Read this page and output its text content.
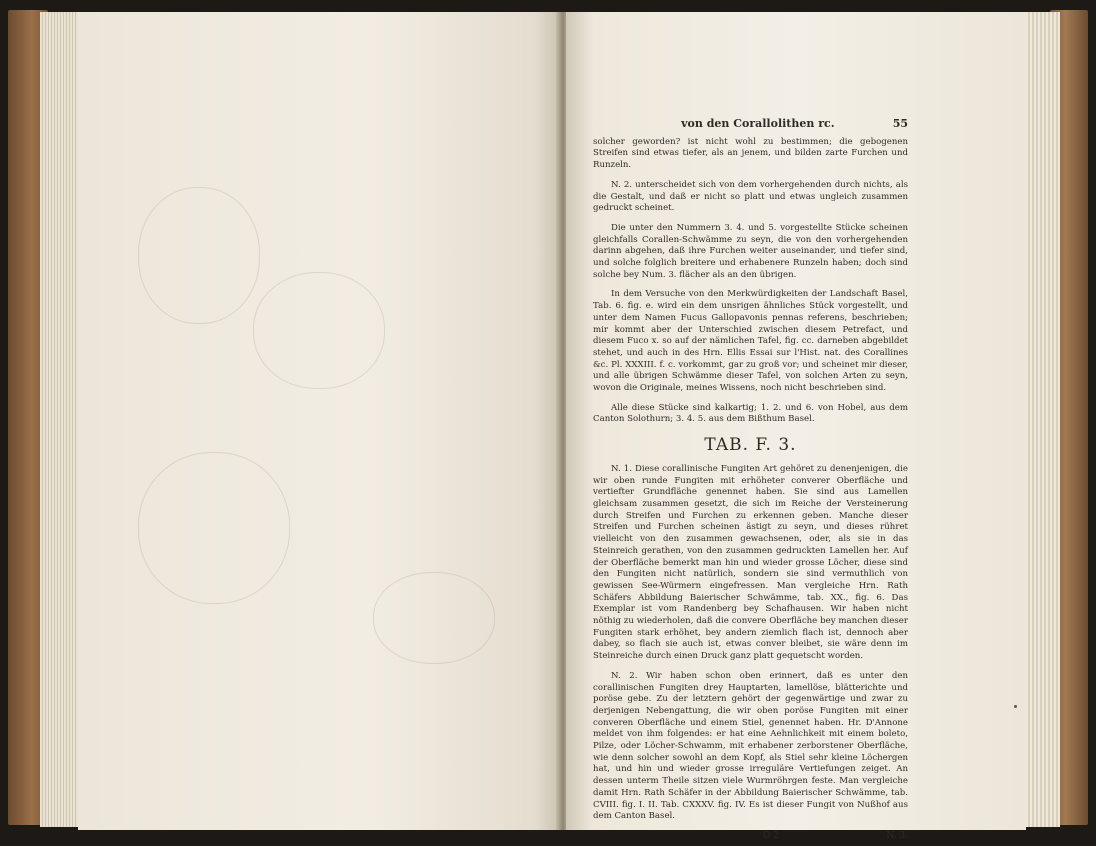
von den Corallolithen rc.	55

solcher geworden? ist nicht wohl zu bestimmen; die gebogenen Streifen sind etwas tiefer, als an jenem, und bilden zarte Furchen und Runzeln.

N. 2. unterscheidet sich von dem vorhergehenden durch nichts, als die Gestalt, und daß er nicht so platt und etwas ungleich zusammen gedruckt scheinet.

Die unter den Nummern 3. 4. und 5. vorgestellte Stücke scheinen gleichfalls Corallen-Schwämme zu seyn, die von den vorhergehenden darinn abgehen, daß ihre Furchen weiter auseinander, und tiefer sind, und solche folglich breitere und erhabenere Runzeln haben; doch sind solche bey Num. 3. flächer als an den übrigen.

In dem Versuche von den Merkwürdigkeiten der Landschaft Basel, Tab. 6. fig. e. wird ein dem unsrigen ähnliches Stück vorgestellt, und unter dem Namen Fucus Gallopavonis pennas referens, beschrieben; mir kommt aber der Unterschied zwischen diesem Petrefact, und diesem Fuco x. so auf der nämlichen Tafel, fig. cc. darneben abgebildet stehet, und auch in des Hrn. Ellis Essai sur l'Hist. nat. des Corallines &c. Pl. XXXIII. f. c. vorkommt, gar zu groß vor; und scheinet mir dieser, und alle übrigen Schwämme dieser Tafel, von solchen Arten zu seyn, wovon die Originale, meines Wissens, noch nicht beschrieben sind.

Alle diese Stücke sind kalkartig; 1. 2. und 6. von Hobel, aus dem Canton Solothurn; 3. 4. 5. aus dem Bißthum Basel.

TAB. F. 3.

N. 1. Diese corallinische Fungiten Art gehöret zu denenjenigen, die wir oben runde Fungiten mit erhöheter converer Oberfläche und vertiefter Grundfläche genennet haben. Sie sind aus Lamellen gleichsam zusammen gesetzt, die sich im Reiche der Versteinerung durch Streifen und Furchen zu erkennen geben. Manche dieser Streifen und Furchen scheinen ästigt zu seyn, und dieses rühret vielleicht von den zusammen gewachsenen, oder, als sie in das Steinreich gerathen, von den zusammen gedruckten Lamellen her. Auf der Oberfläche bemerkt man hin und wieder grosse Löcher, diese sind den Fungiten nicht natürlich, sondern sie sind vermuthlich von gewissen See-Würmern eingefressen. Man vergleiche Hrn. Rath Schäfers Abbildung Baierischer Schwämme, tab. XX., fig. 6. Das Exemplar ist vom Randenberg bey Schafhausen. Wir haben nicht nöthig zu wiederholen, daß die convere Oberfläche bey manchen dieser Fungiten stark erhöhet, bey andern ziemlich flach ist, dennoch aber dabey, so flach sie auch ist, etwas conver bleibet, sie wäre denn im Steinreiche durch einen Druck ganz platt gequetscht worden.

N. 2. Wir haben schon oben erinnert, daß es unter den corallinischen Fungiten drey Hauptarten, lamellöse, blätterichte und poröse gebe. Zu der letztern gehört der gegenwärtige und zwar zu derjenigen Nebengattung, die wir oben poröse Fungiten mit einer converen Oberfläche und einem Stiel, genennet haben. Hr. D'Annone meldet von ihm folgendes: er hat eine Aehnlichkeit mit einem boleto, Pilze, oder Löcher-Schwamm, mit erhabener zerborstener Oberfläche, wie denn solcher sowohl an dem Kopf, als Stiel sehr kleine Löchergen hat, und hin und wieder grosse irreguläre Vertiefungen zeiget. An dessen unterm Theile sitzen viele Wurmröhrgen feste. Man vergleiche damit Hrn. Rath Schäfer in der Abbildung Baierischer Schwämme, tab. CVIII. fig. I. II. Tab. CXXXV. fig. IV. Es ist dieser Fungit von Nußhof aus dem Canton Basel.

O 2	N. 3.
